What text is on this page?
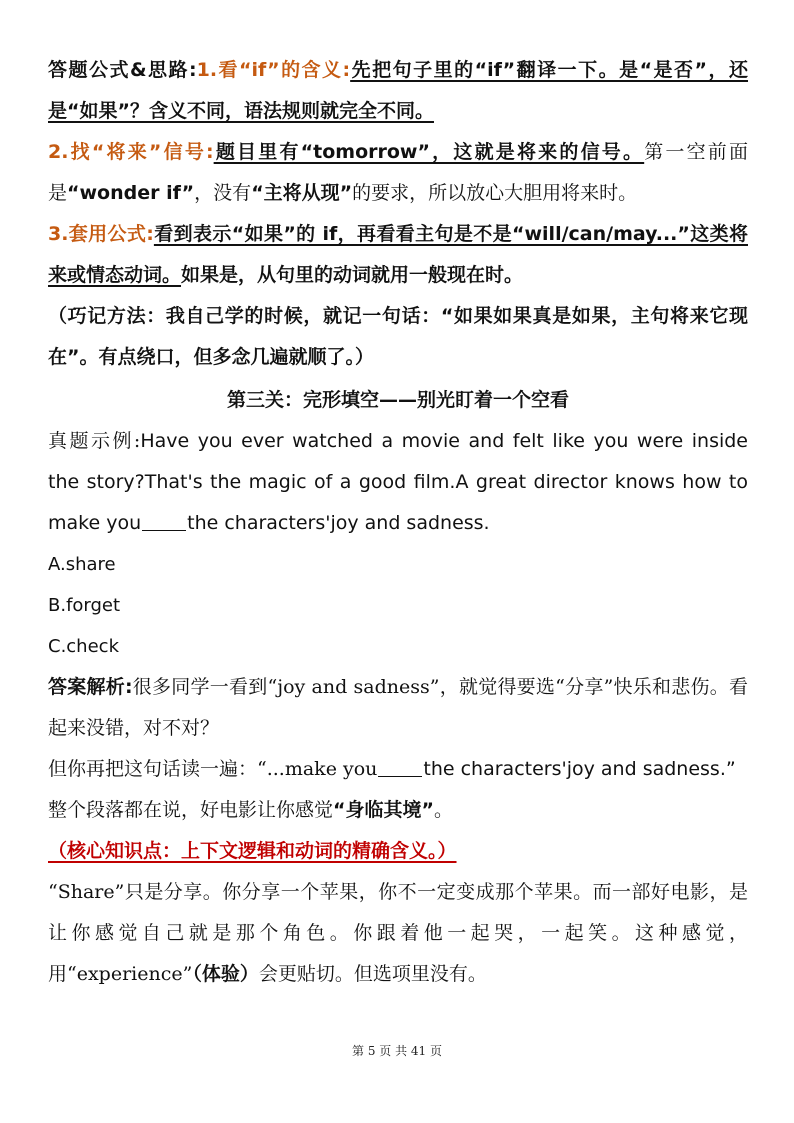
答题公式&思路:1.看“if”的含义:先把句子里的“if”翻译一下。是“是否”，还是“如果”？含义不同，语法规则就完全不同。

2.找“将来”信号:题目里有“tomorrow”，这就是将来的信号。第一空前面是“wonder if”，没有“主将从现”的要求，所以放心大胆用将来时。

3.套用公式:看到表示“如果”的 if，再看看主句是不是“will/can/may...”这类将来或情态动词。如果是，从句里的动词就用一般现在时。

（巧记方法：我自己学的时候，就记一句话：“如果如果真是如果，主句将来它现在”。有点绕口，但多念几遍就顺了。）

第三关：完形填空——别光盯着一个空看

真题示例:Have you ever watched a movie and felt like you were inside the story?That's the magic of a good film.A great director knows how to make you the characters'joy and sadness.

A.share

B.forget

C.check

答案解析:很多同学一看到“joy and sadness”，就觉得要选“分享”快乐和悲伤。看起来没错，对不对？

但你再把这句话读一遍：“...make you the characters'joy and sadness.”

整个段落都在说，好电影让你感觉“身临其境”。

（核心知识点：上下文逻辑和动词的精确含义。）

“Share”只是分享。你分享一个苹果，你不一定变成那个苹果。而一部好电影，是让你感觉自己就是那个角色。你跟着他一起哭，一起笑。这种感觉，用“experience”（体验）会更贴切。但选项里没有。

第 5 页 共 41 页
